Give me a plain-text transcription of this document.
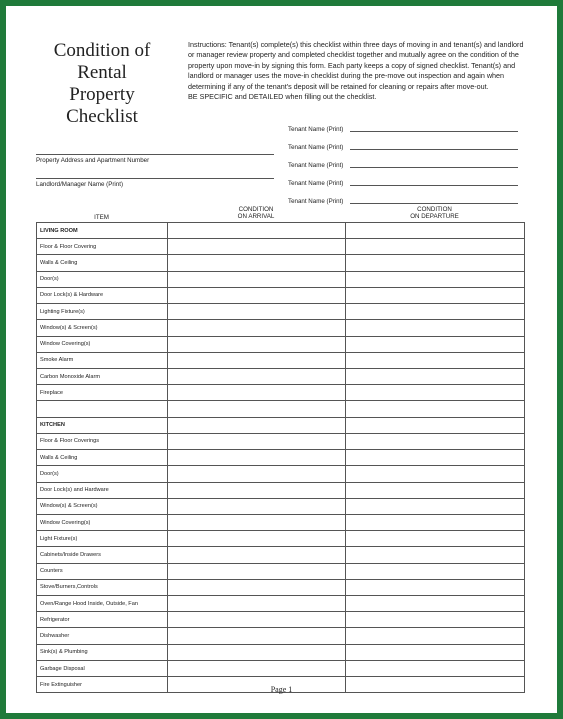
Condition of
Rental
Property
Checklist
Instructions: Tenant(s) complete(s) this checklist within three days of moving in and tenant(s) and landlord or manager review property and completed checklist together and mutually agree on the condition of the property upon move-in by signing this form. Each party keeps a copy of signed checklist. Tenant(s) and landlord or manager uses the move-in checklist during the pre-move out inspection and again when determining if any of the tenant's deposit will be retained for cleaning or repairs after move-out.
BE SPECIFIC and DETAILED when filling out the checklist.
Property Address and Apartment Number
Landlord/Manager Name (Print)
Tenant Name (Print)
Tenant Name (Print)
Tenant Name (Print)
Tenant Name (Print)
Tenant Name (Print)
ITEM
CONDITION
ON ARRIVAL
CONDITION
ON DEPARTURE
LIVING ROOM		
Floor & Floor Covering		
Walls & Ceiling		
Door(s)		
Door Lock(s) & Hardware		
Lighting Fixture(s)		
Window(s) & Screen(s)		
Window Covering(s)		
Smoke Alarm		
Carbon Monoxide Alarm		
Fireplace		

KITCHEN		
Floor & Floor Coverings		
Walls & Ceiling		
Door(s)		
Door Lock(s) and Hardware		
Window(s) & Screen(s)		
Window Covering(s)		
Light Fixture(s)		
Cabinets/Inside Drawers		
Counters		
Stove/Burners,Controls		
Oven/Range Hood Inside, Outside, Fan		
Refrigerator		
Dishwasher		
Sink(s) & Plumbing		
Garbage Disposal		
Fire Extinguisher		
Page 1
